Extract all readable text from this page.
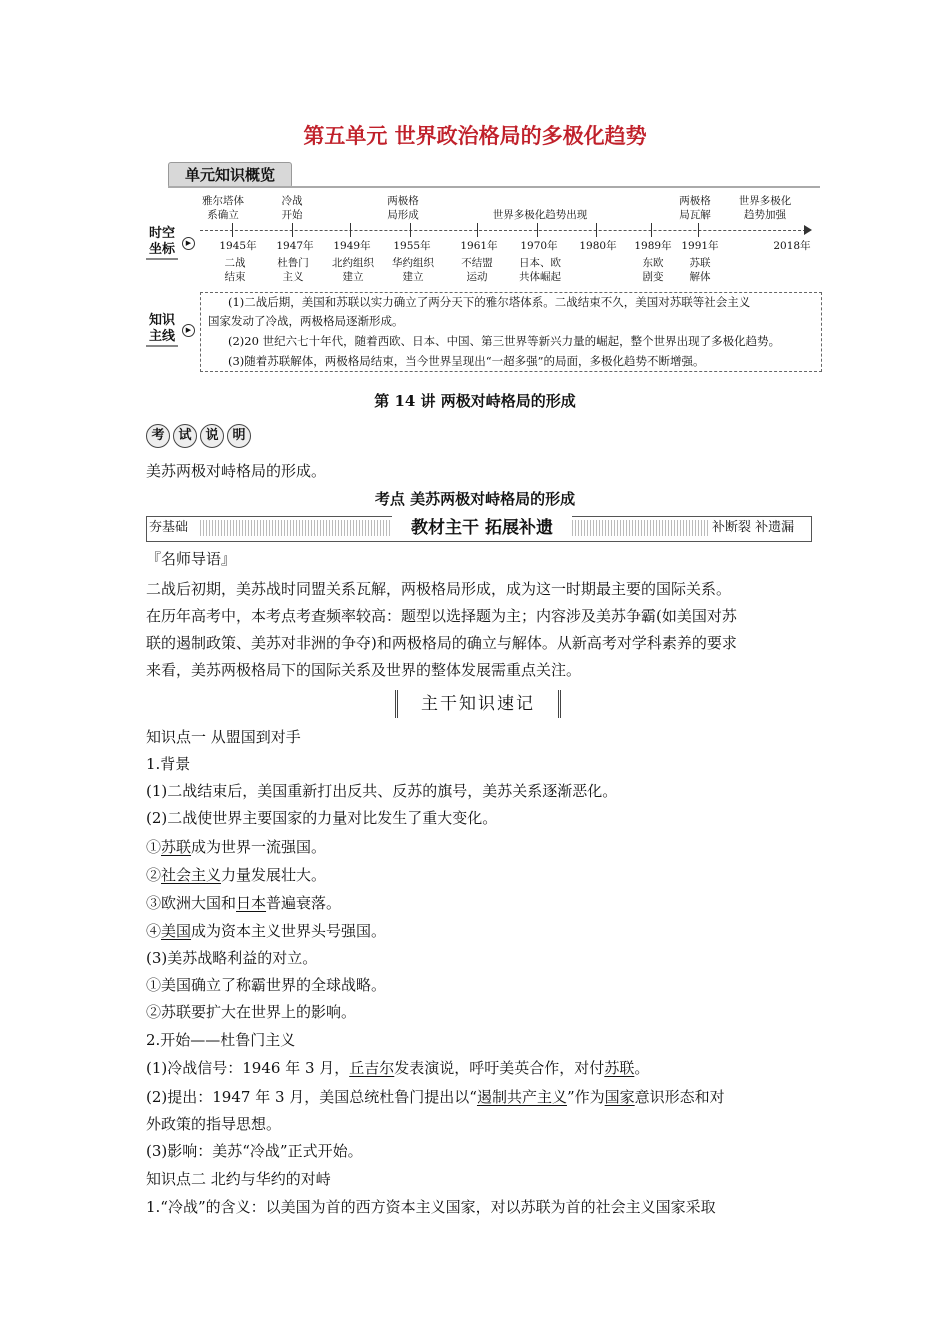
第五单元 世界政治格局的多极化趋势
单元知识概览
时空
坐标	▶
知识
主线	▶
雅尔塔体
系确立
冷战
开始
两极格
局形成	世界多极化趋势出现
两极格
局瓦解
世界多极化
趋势加强
1945年	1947年	1949年	1955年	1961年	1970年	1980年	1989年 1991年	2018年
二战
结束
杜鲁门
主义
北约组织
建立
华约组织
建立
不结盟
运动
日本、欧
共体崛起
东欧
剧变
苏联
解体
(1)二战后期，美国和苏联以实力确立了两分天下的雅尔塔体系。二战结束不久，美国对苏联等社会主义
国家发动了冷战，两极格局逐渐形成。
(2)20 世纪六七十年代，随着西欧、日本、中国、第三世界等新兴力量的崛起，整个世界出现了多极化趋势。
(3)随着苏联解体，两极格局结束，当今世界呈现出“一超多强”的局面，多极化趋势不断增强。
第 14 讲 两极对峙格局的形成
考 试 说 明
美苏两极对峙格局的形成。
考点 美苏两极对峙格局的形成
夯基础	教材主干 拓展补遗	补断裂 补遗漏
『名师导语』
二战后初期，美苏战时同盟关系瓦解，两极格局形成，成为这一时期最主要的国际关系。
在历年高考中，本考点考查频率较高：题型以选择题为主；内容涉及美苏争霸(如美国对苏
联的遏制政策、美苏对非洲的争夺)和两极格局的确立与解体。从新高考对学科素养的要求
来看，美苏两极格局下的国际关系及世界的整体发展需重点关注。
主干知识速记
知识点一 从盟国到对手
1.背景
(1)二战结束后，美国重新打出反共、反苏的旗号，美苏关系逐渐恶化。
(2)二战使世界主要国家的力量对比发生了重大变化。
①苏联成为世界一流强国。
②社会主义力量发展壮大。
③欧洲大国和日本普遍衰落。
④美国成为资本主义世界头号强国。
(3)美苏战略利益的对立。
①美国确立了称霸世界的全球战略。
②苏联要扩大在世界上的影响。
2.开始——杜鲁门主义
(1)冷战信号：1946 年 3 月，丘吉尔发表演说，呼吁美英合作，对付苏联。
(2)提出：1947 年 3 月，美国总统杜鲁门提出以“遏制共产主义”作为国家意识形态和对
外政策的指导思想。
(3)影响：美苏“冷战”正式开始。
知识点二 北约与华约的对峙
1.“冷战”的含义：以美国为首的西方资本主义国家，对以苏联为首的社会主义国家采取
